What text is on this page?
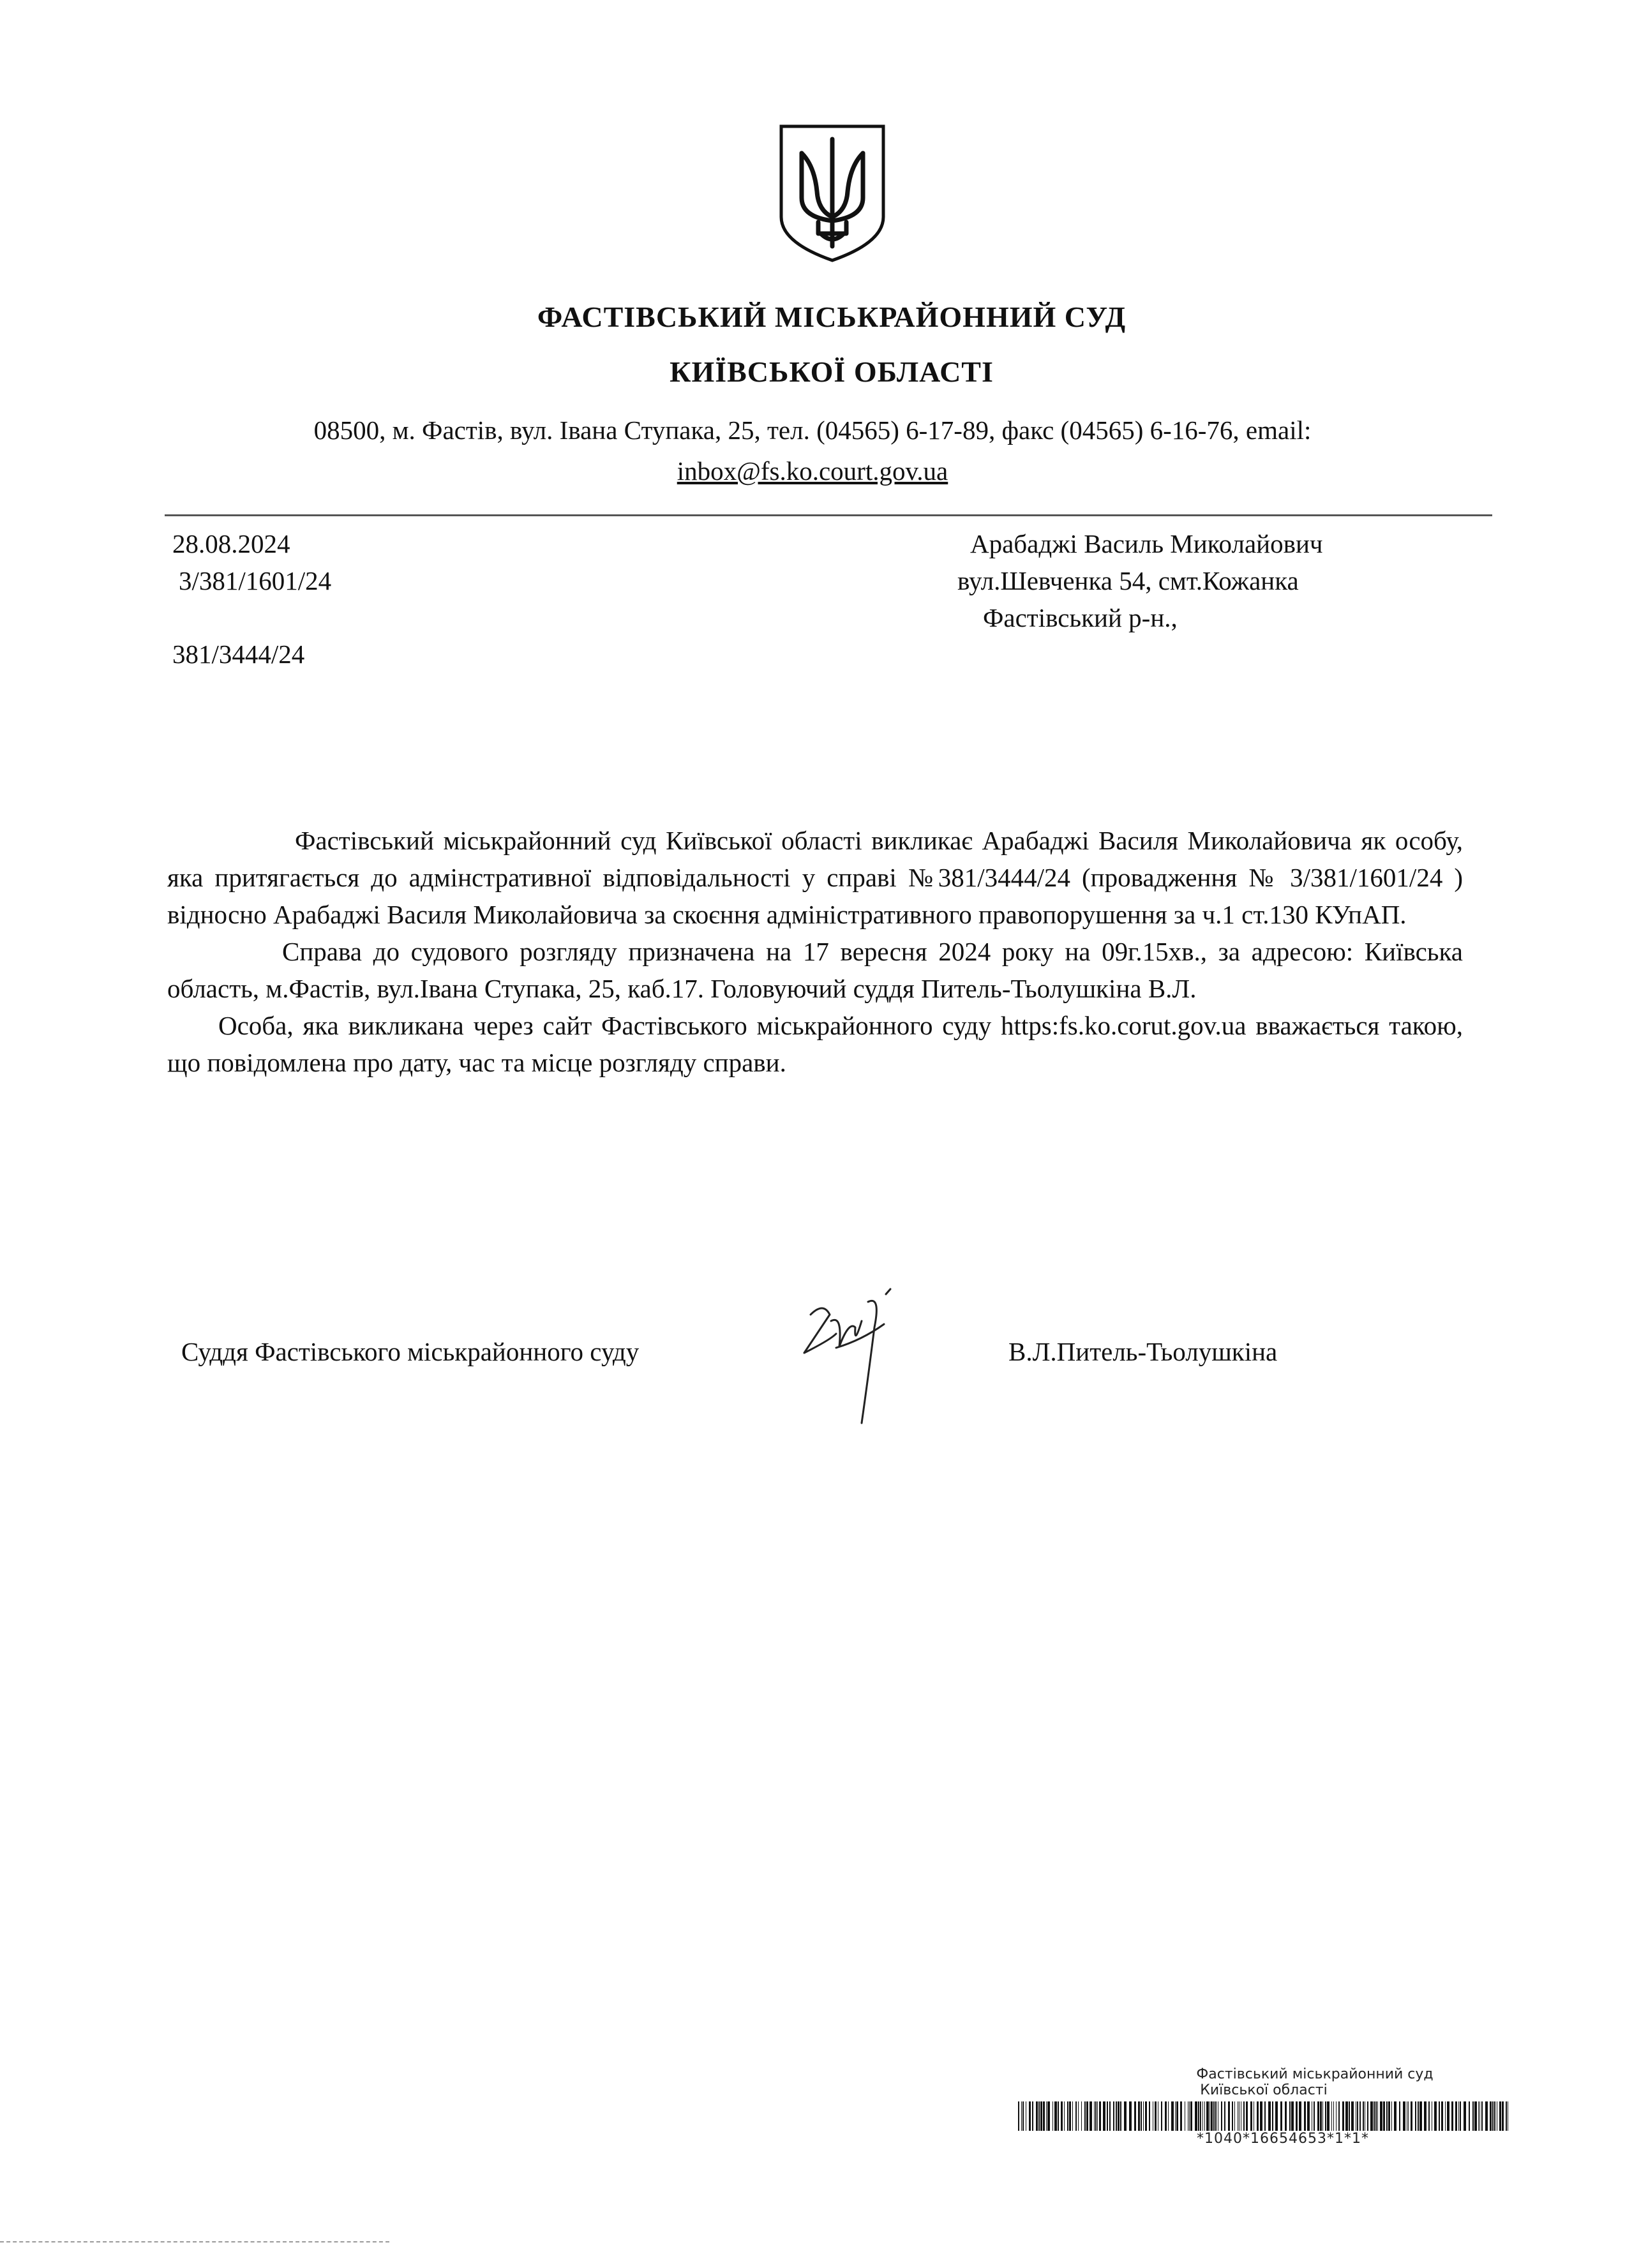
ФАСТІВСЬКИЙ МІСЬКРАЙОННИЙ СУД
КИЇВСЬКОЇ ОБЛАСТІ
08500, м. Фастів, вул. Івана Ступака, 25, тел. (04565) 6-17-89, факс (04565) 6-16-76, email:
inbox@fs.ko.court.gov.ua
28.08.2024
3/381/1601/24
381/3444/24
Арабаджі Василь Миколайович
вул.Шевченка 54, смт.Кожанка
Фастівський р-н.,

Фастівський міськрайонний суд Київської області викликає Арабаджі Василя Миколайовича як особу, яка притягається до адмінстративної відповідальності у справі №381/3444/24 (провадження № 3/381/1601/24 ) відносно Арабаджі Василя Миколайовича за скоєння адміністративного правопорушення за ч.1 ст.130 КУпАП.

Справа до судового розгляду призначена на 17 вересня 2024 року на 09г.15хв., за адресою: Київська область, м.Фастів, вул.Івана Ступака, 25, каб.17. Головуючий суддя Питель-Тьолушкіна В.Л.

Особа, яка викликана через сайт Фастівського міськрайонного суду https:fs.ko.corut.gov.ua вважається такою, що повідомлена про дату, час та місце розгляду справи.

Суддя Фастівського міськрайонного суду	В.Л.Питель-Тьолушкіна
Фастівський міськрайонний суд
Київської області
*1040*16654653*1*1*
